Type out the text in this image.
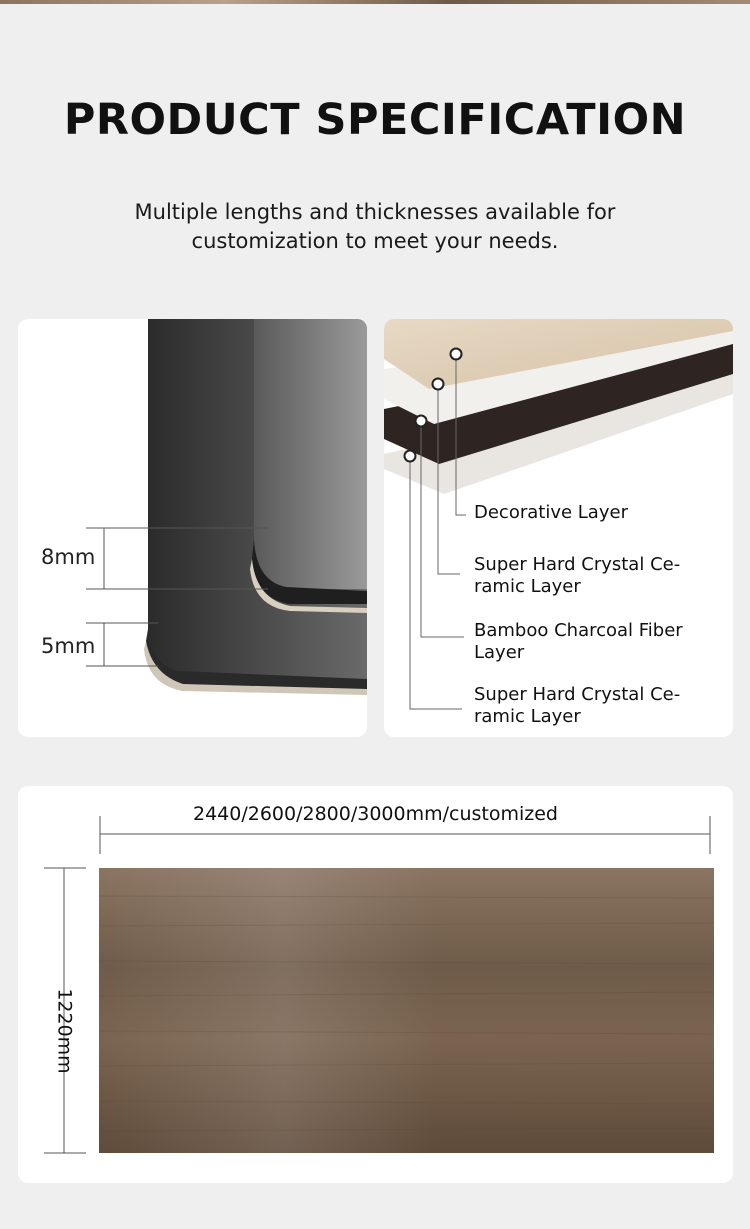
PRODUCT SPECIFICATION

Multiple lengths and thicknesses available for customization to meet your needs.

8mm
5mm

Decorative Layer

Super Hard Crystal Ce-ramic Layer

Bamboo Charcoal Fiber Layer

Super Hard Crystal Ce-ramic Layer

2440/2600/2800/3000mm/customized
1220mm
